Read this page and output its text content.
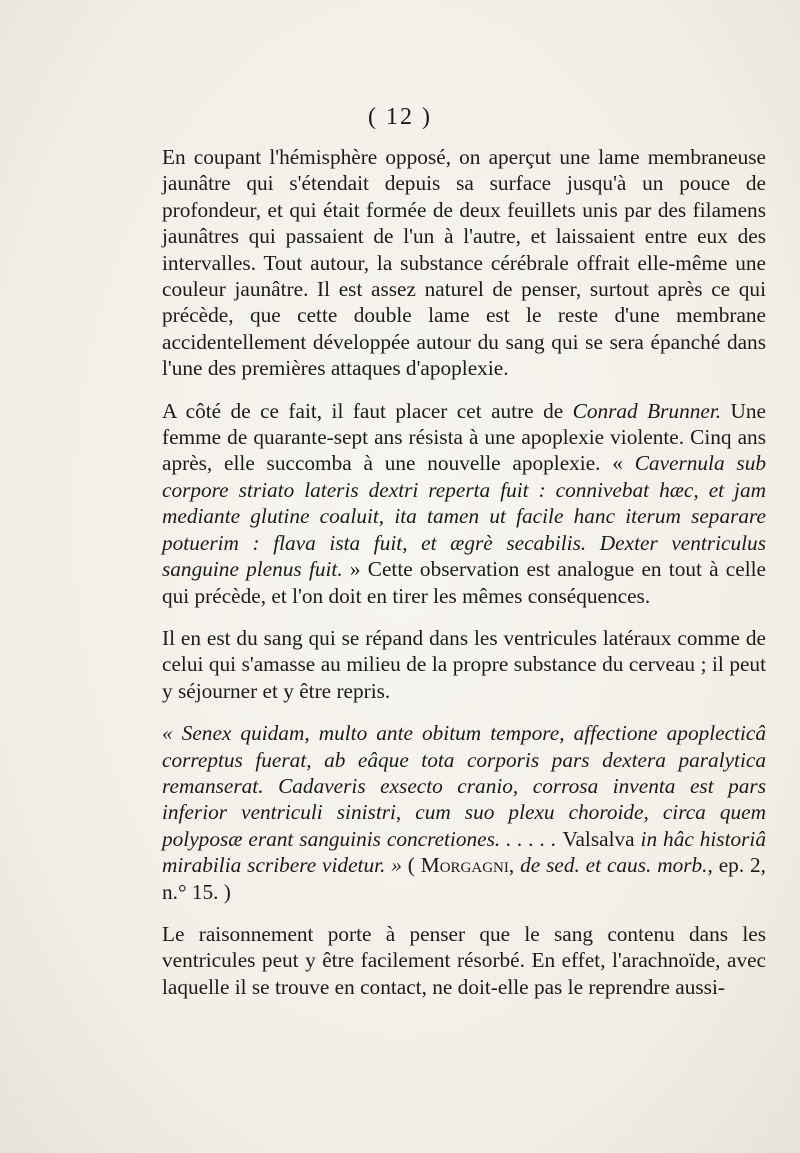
( 12 )

En coupant l'hémisphère opposé, on aperçut une lame membraneuse jaunâtre qui s'étendait depuis sa surface jusqu'à un pouce de profondeur, et qui était formée de deux feuillets unis par des filamens jaunâtres qui passaient de l'un à l'autre, et laissaient entre eux des intervalles. Tout autour, la substance cérébrale offrait elle-même une couleur jaunâtre. Il est assez naturel de penser, surtout après ce qui précède, que cette double lame est le reste d'une membrane accidentellement développée autour du sang qui se sera épanché dans l'une des premières attaques d'apoplexie.

A côté de ce fait, il faut placer cet autre de Conrad Brunner. Une femme de quarante-sept ans résista à une apoplexie violente. Cinq ans après, elle succomba à une nouvelle apoplexie. « Cavernula sub corpore striato lateris dextri reperta fuit : connivebat hæc, et jam mediante glutine coaluit, ita tamen ut facile hanc iterum separare potuerim : flava ista fuit, et ægrè secabilis. Dexter ventriculus sanguine plenus fuit. » Cette observation est analogue en tout à celle qui précède, et l'on doit en tirer les mêmes conséquences.

Il en est du sang qui se répand dans les ventricules latéraux comme de celui qui s'amasse au milieu de la propre substance du cerveau ; il peut y séjourner et y être repris.

« Senex quidam, multo ante obitum tempore, affectione apoplecticâ correptus fuerat, ab eâque tota corporis pars dextera paralytica remanserat. Cadaveris exsecto cranio, corrosa inventa est pars inferior ventriculi sinistri, cum suo plexu choroide, circa quem polyposæ erant sanguinis concretiones. . . . . . Valsalva in hâc historiâ mirabilia scribere videtur. » ( Morgagni, de sed. et caus. morb., ep. 2, n.° 15. )

Le raisonnement porte à penser que le sang contenu dans les ventricules peut y être facilement résorbé. En effet, l'arachnoïde, avec laquelle il se trouve en contact, ne doit-elle pas le reprendre aussi-
